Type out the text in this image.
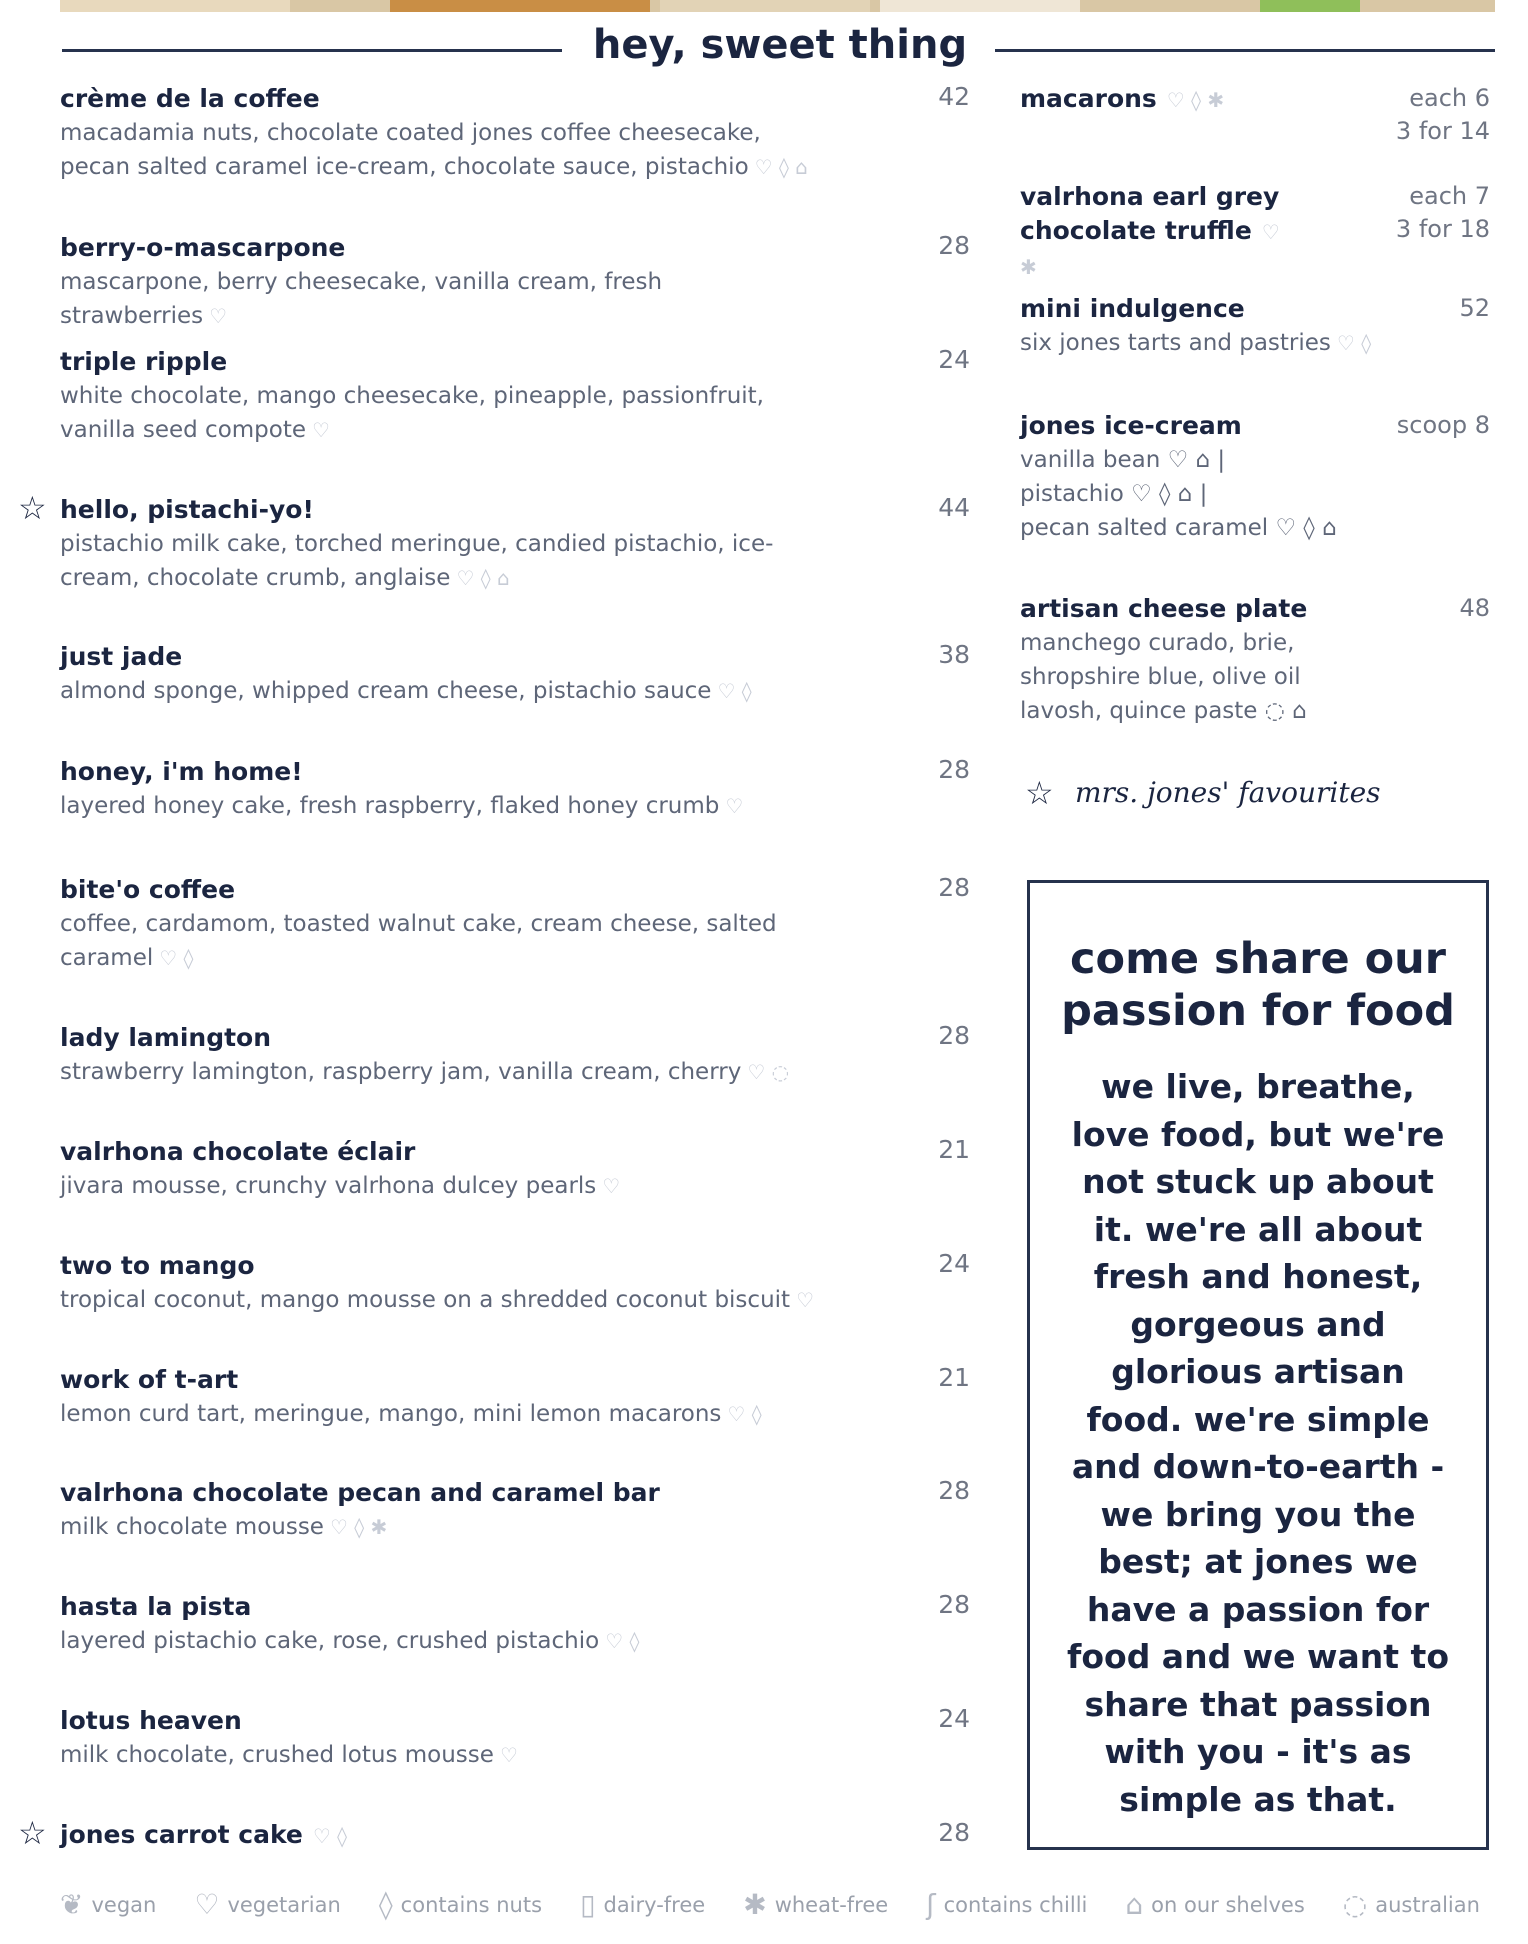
hey, sweet thing
crème de la coffee
macadamia nuts, chocolate coated jones coffee cheesecake, pecan salted caramel ice-cream, chocolate sauce, pistachio ♡ ◊ ⌂
42
berry-o-mascarpone
mascarpone, berry cheesecake, vanilla cream, fresh strawberries ♡
28
triple ripple
white chocolate, mango cheesecake, pineapple, passionfruit, vanilla seed compote ♡
24
hello, pistachi-yo!
pistachio milk cake, torched meringue, candied pistachio, ice-cream, chocolate crumb, anglaise ♡ ◊ ⌂
44
☆
just jade
almond sponge, whipped cream cheese, pistachio sauce ♡ ◊
38
honey, i'm home!
layered honey cake, fresh raspberry, flaked honey crumb ♡
28
bite'o coffee
coffee, cardamom, toasted walnut cake, cream cheese, salted caramel ♡ ◊
28
lady lamington
strawberry lamington, raspberry jam, vanilla cream, cherry ♡ ◌
28
valrhona chocolate éclair
jivara mousse, crunchy valrhona dulcey pearls ♡
21
two to mango
tropical coconut, mango mousse on a shredded coconut biscuit ♡
24
work of t-art
lemon curd tart, meringue, mango, mini lemon macarons ♡ ◊
21
valrhona chocolate pecan and caramel bar
milk chocolate mousse ♡ ◊ ✱
28
hasta la pista
layered pistachio cake, rose, crushed pistachio ♡ ◊
28
lotus heaven
milk chocolate, crushed lotus mousse ♡
24
jones carrot cake ♡ ◊	28
☆
macarons ♡ ◊ ✱	each 6
3 for 14
valrhona earl grey chocolate truffle ♡ ✱
each 7
3 for 18
mini indulgence
six jones tarts and pastries ♡ ◊
52
jones ice-cream
vanilla bean ♡ ⌂ |
pistachio ♡ ◊ ⌂ |
pecan salted caramel ♡ ◊ ⌂
scoop 8
artisan cheese plate
manchego curado, brie,
shropshire blue, olive oil
lavosh, quince paste ◌ ⌂
48
☆ mrs. jones' favourites
come share our passion for food
we live, breathe, love food, but we're not stuck up about it. we're all about fresh and honest, gorgeous and glorious artisan food. we're simple and down-to-earth - we bring you the best; at jones we have a passion for food and we want to share that passion with you - it's as simple as that.
❦ vegan ♡ vegetarian ◊ contains nuts ▯ dairy-free ✱ wheat-free ʃ contains chilli ⌂ on our shelves ◌ australian
